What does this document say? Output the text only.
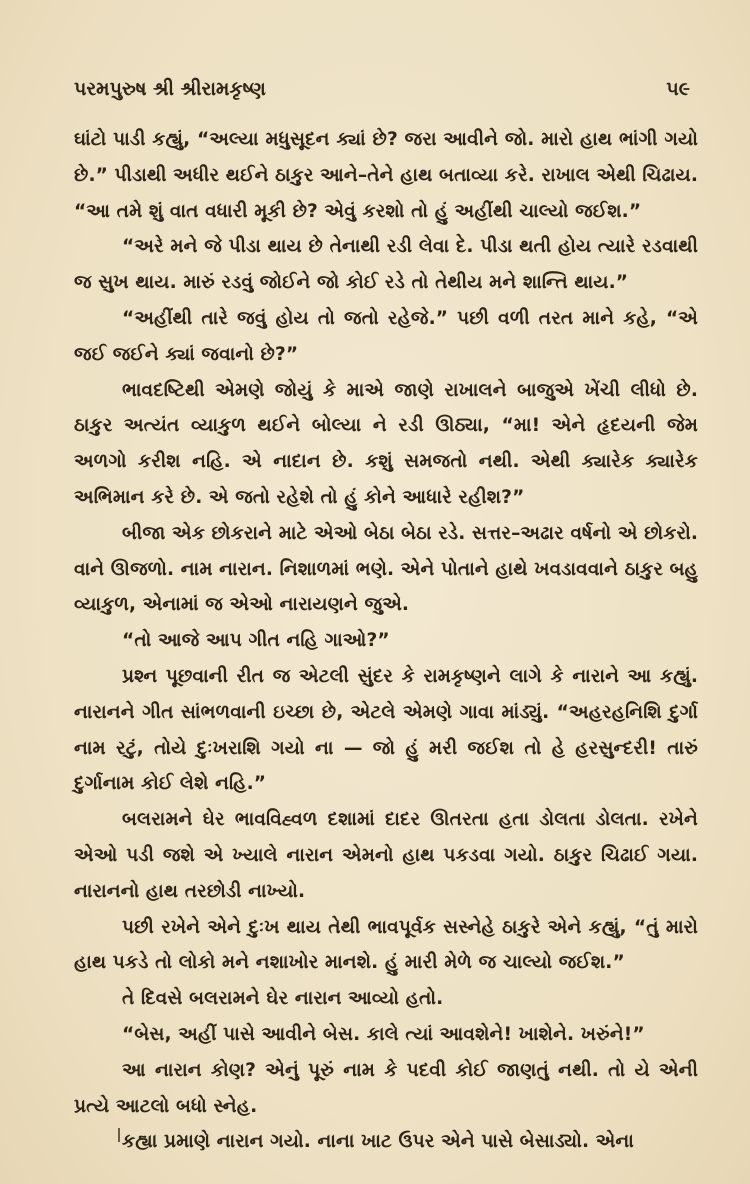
પરમપુરુષ શ્રી શ્રીરામકૃષ્ણ	૫૯

ઘાંટો પાડી કહ્યું, “અલ્યા મધુસૂદન ક્યાં છે? જરા આવીને જો. મારો હાથ ભાંગી ગયો છે.” પીડાથી અધીર થઈને ઠાકુર આને–તેને હાથ બતાવ્યા કરે. રાખાલ એથી ચિઢાય. “આ તમે શું વાત વધારી મૂકી છે? એવું કરશો તો હું અહીંથી ચાલ્યો જઈશ.”

“અરે મને જે પીડા થાય છે તેનાથી રડી લેવા દે. પીડા થતી હોય ત્યારે રડવાથી જ સુખ થાય. મારું રડવું જોઈને જો કોઈ રડે તો તેથીય મને શાન્તિ થાય.”

“અહીંથી તારે જવું હોય તો જતો રહેજે.” પછી વળી તરત માને કહે, “એ જઈ જઈને ક્યાં જવાનો છે?”

ભાવદષ્ટિથી એમણે જોયું કે માએ જાણે રાખાલને બાજુએ ખેંચી લીધો છે. ઠાકુર અત્યંત વ્યાકુળ થઈને બોલ્યા ને રડી ઊઠ્યા, “મા! એને હૃદયની જેમ અળગો કરીશ નહિ. એ નાદાન છે. કશું સમજતો નથી. એથી ક્યારેક ક્યારેક અભિમાન કરે છે. એ જતો રહેશે તો હું કોને આધારે રહીશ?”

બીજા એક છોકરાને માટે એઓ બેઠા બેઠા રડે. સત્તર–અઢાર વર્ષનો એ છોકરો. વાને ઊજળો. નામ નારાન. નિશાળમાં ભણે. એને પોતાને હાથે ખવડાવવાને ઠાકુર બહુ વ્યાકુળ, એનામાં જ એઓ નારાયણને જુએ.

“તો આજે આપ ગીત નહિ ગાઓ?”

પ્રશ્ન પૂછવાની રીત જ એટલી સુંદર કે રામકૃષ્ણને લાગે કે નારાને આ કહ્યું. નારાનને ગીત સાંભળવાની ઇચ્છા છે, એટલે એમણે ગાવા માંડ્યું. “અહરહનિશિ દુર્ગા નામ રટું, તોયે દુઃખરાશિ ગયો ના — જો હું મરી જઈશ તો હે હરસુન્દરી! તારું દુર્ગાનામ કોઈ લેશે નહિ.”

બલરામને ઘેર ભાવવિહ્વળ દશામાં દાદર ઊતરતા હતા ડોલતા ડોલતા. રખેને એઓ પડી જશે એ ખ્યાલે નારાન એમનો હાથ પકડવા ગયો. ઠાકુર ચિઢાઈ ગયા. નારાનનો હાથ તરછોડી નાખ્યો.

પછી રખેને એને દુઃખ થાય તેથી ભાવપૂર્વક સસ્નેહે ઠાકુરે એને કહ્યું, “તું મારો હાથ પકડે તો લોકો મને નશાખોર માનશે. હું મારી મેળે જ ચાલ્યો જઈશ.”

તે દિવસે બલરામને ઘેર નારાન આવ્યો હતો.

“બેસ, અહીં પાસે આવીને બેસ. કાલે ત્યાં આવશેને! ખાશેને. ખરુંને!”

આ નારાન કોણ? એનું પૂરું નામ કે પદવી કોઈ જાણતું નથી. તો યે એની પ્રત્યે આટલો બધો સ્નેહ.

કહ્યા પ્રમાણે નારાન ગયો. નાના ખાટ ઉપર એને પાસે બેસાડ્યો. એના
